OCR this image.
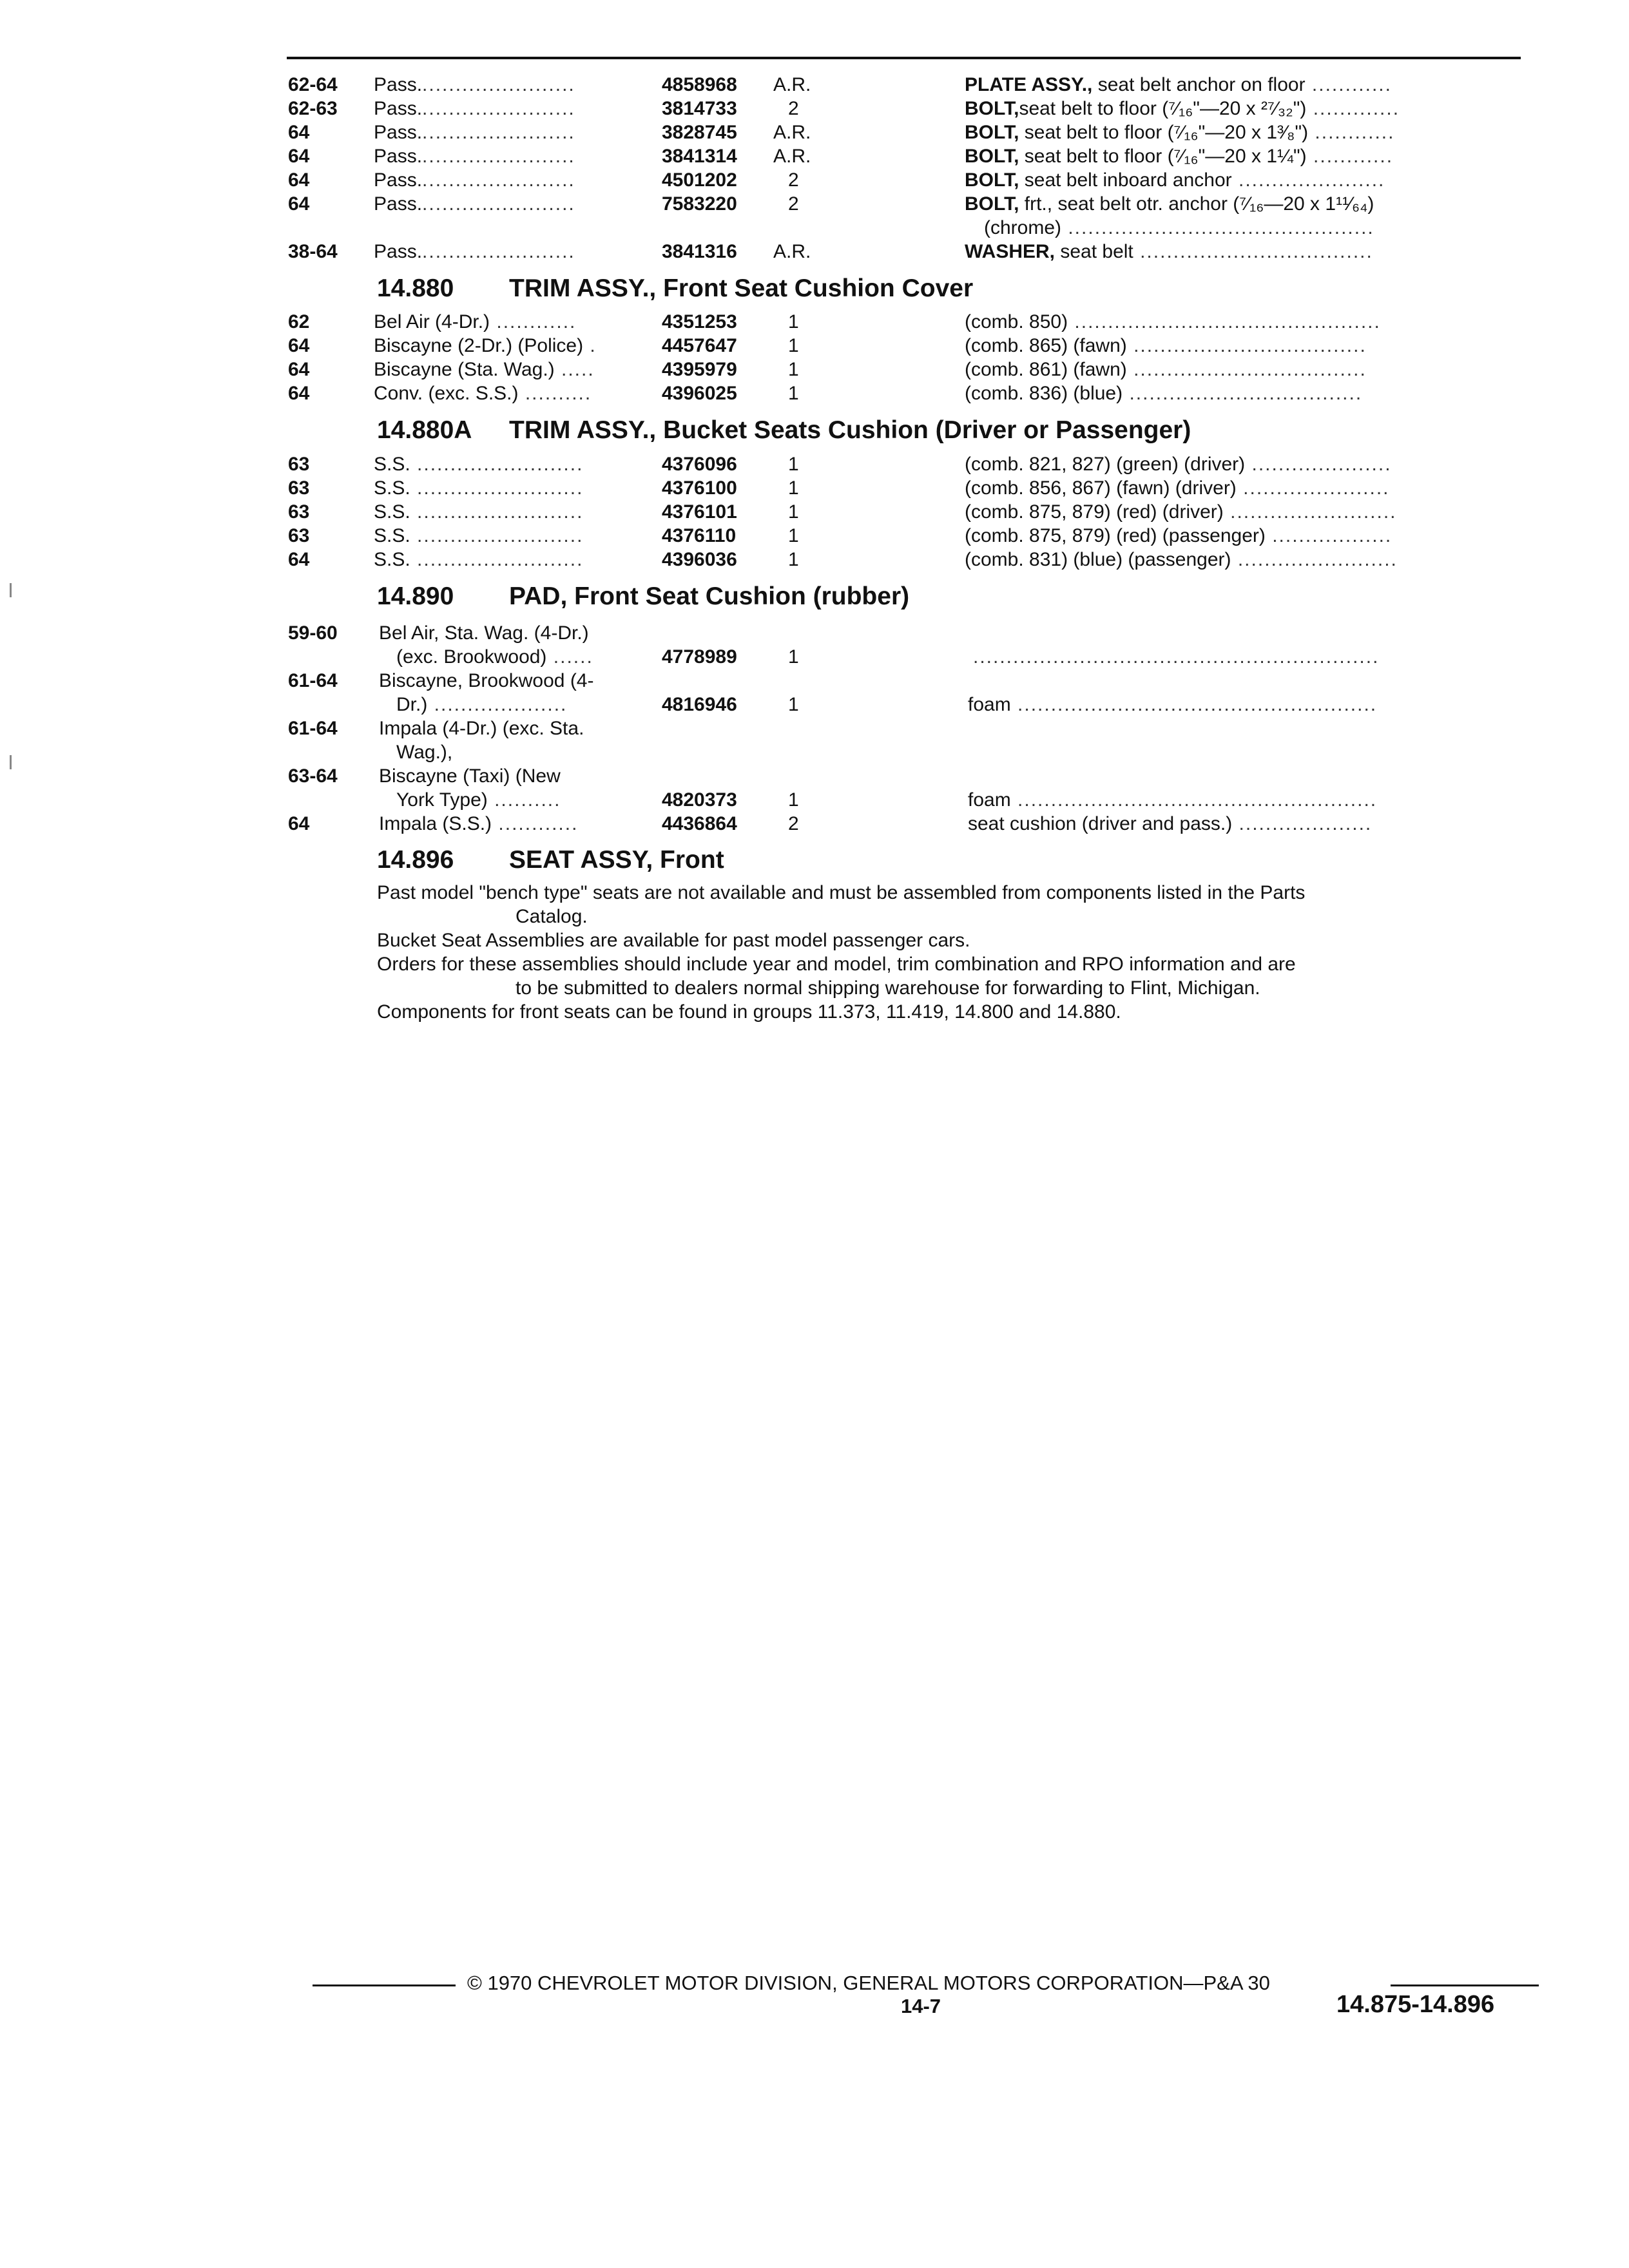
62-64 Pass........................	4858968 A.R.	PLATE ASSY., seat belt anchor on floor ............
62-63 Pass........................	3814733	2	BOLT,seat belt to floor (⁷⁄₁₆"—20 x ²⁷⁄₃₂") .............
64	Pass........................	3828745 A.R.	BOLT, seat belt to floor (⁷⁄₁₆"—20 x 1³⁄₈") ............
64	Pass........................	3841314 A.R.	BOLT, seat belt to floor (⁷⁄₁₆"—20 x 1¼") ............
64	Pass........................	4501202	2	BOLT, seat belt inboard anchor ......................
64	Pass........................	7583220	2	BOLT, frt., seat belt otr. anchor (⁷⁄₁₆—20 x 1¹¹⁄₆₄)
(chrome) ..............................................
38-64 Pass........................	3841316 A.R.	WASHER, seat belt ...................................
14.880 TRIM ASSY., Front Seat Cushion Cover
62	Bel Air (4-Dr.) ............	4351253	1	(comb. 850) ..............................................
64	Biscayne (2-Dr.) (Police) .	4457647	1	(comb. 865) (fawn) ...................................
64	Biscayne (Sta. Wag.) .....	4395979	1	(comb. 861) (fawn) ...................................
64	Conv. (exc. S.S.) ..........	4396025	1	(comb. 836) (blue) ...................................
14.880A TRIM ASSY., Bucket Seats Cushion (Driver or Passenger)
63	S.S. .........................	4376096	1	(comb. 821, 827) (green) (driver) .....................
63	S.S. .........................	4376100	1	(comb. 856, 867) (fawn) (driver) ......................
63	S.S. .........................	4376101	1	(comb. 875, 879) (red) (driver) .........................
63	S.S. .........................	4376110	1	(comb. 875, 879) (red) (passenger) ..................
64	S.S. .........................	4396036	1	(comb. 831) (blue) (passenger) ........................
14.890 PAD, Front Seat Cushion (rubber)
59-60 Bel Air, Sta. Wag. (4-Dr.)
(exc. Brookwood) ......	4778989	1	.............................................................
61-64 Biscayne, Brookwood (4-
Dr.) ....................	4816946	1	foam ......................................................
61-64 Impala (4-Dr.) (exc. Sta.
Wag.),
63-64 Biscayne (Taxi) (New
York Type) ..........	4820373	1	foam ......................................................
64	Impala (S.S.) ............	4436864	2	seat cushion (driver and pass.) ....................
14.896 SEAT ASSY, Front
Past model "bench type" seats are not available and must be assembled from components listed in the Parts
Catalog.
Bucket Seat Assemblies are available for past model passenger cars.
Orders for these assemblies should include year and model, trim combination and RPO information and are
to be submitted to dealers normal shipping warehouse for forwarding to Flint, Michigan.
Components for front seats can be found in groups 11.373, 11.419, 14.800 and 14.880.
© 1970 CHEVROLET MOTOR DIVISION, GENERAL MOTORS CORPORATION—P&A 30
14-7	14.875-14.896
